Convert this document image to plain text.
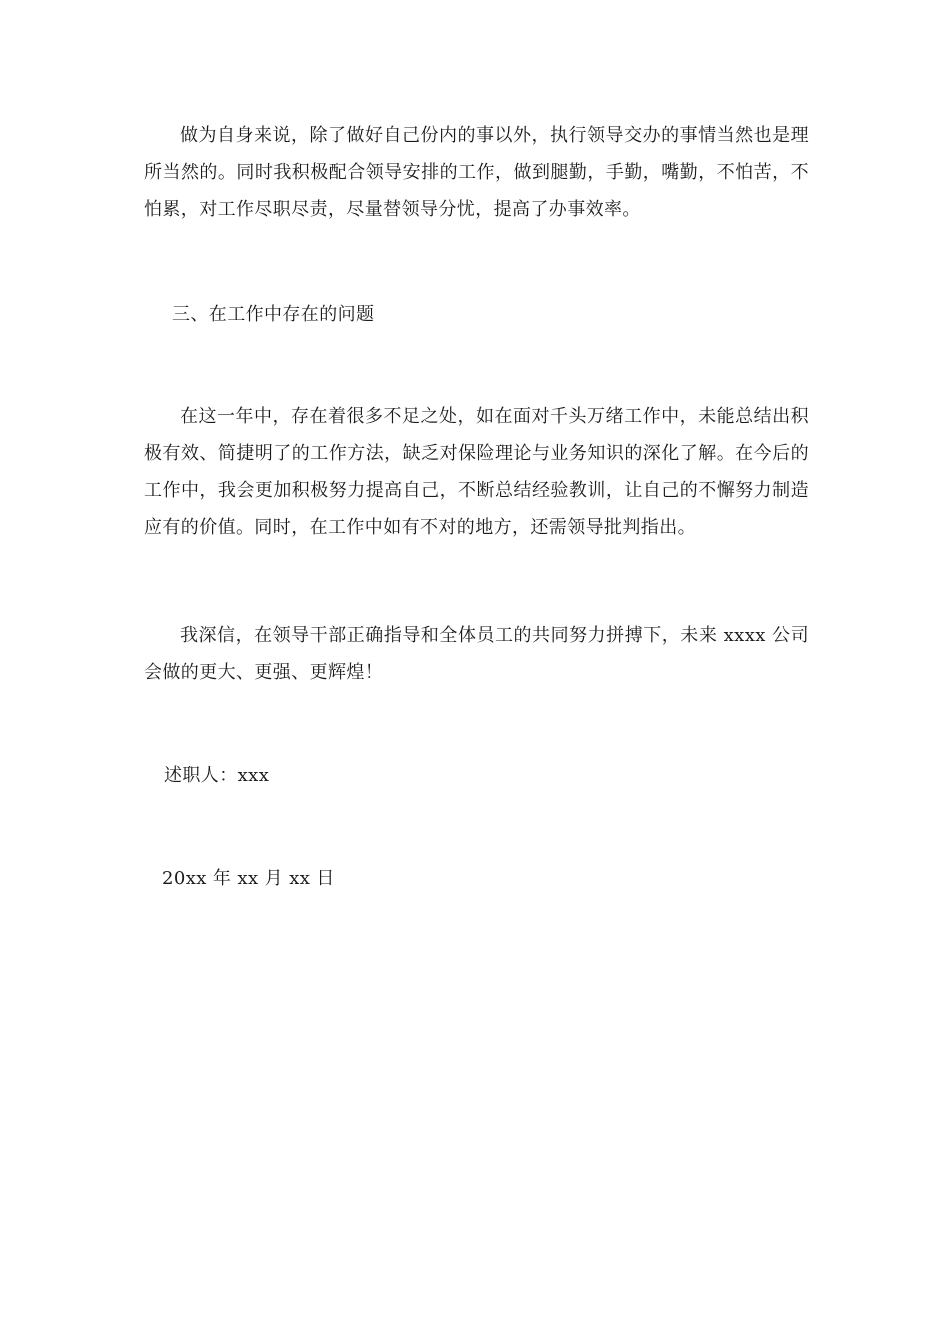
做为自身来说，除了做好自己份内的事以外，执行领导交办的事情当然也是理所当然的。同时我积极配合领导安排的工作，做到腿勤，手勤，嘴勤，不怕苦，不怕累，对工作尽职尽责，尽量替领导分忧，提高了办事效率。

三、在工作中存在的问题

在这一年中，存在着很多不足之处，如在面对千头万绪工作中，未能总结出积极有效、简捷明了的工作方法，缺乏对保险理论与业务知识的深化了解。在今后的工作中，我会更加积极努力提高自己，不断总结经验教训，让自己的不懈努力制造应有的价值。同时，在工作中如有不对的地方，还需领导批判指出。

我深信，在领导干部正确指导和全体员工的共同努力拼搏下，未来 xxxx 公司会做的更大、更强、更辉煌！

述职人：xxx

20xx 年 xx 月 xx 日
